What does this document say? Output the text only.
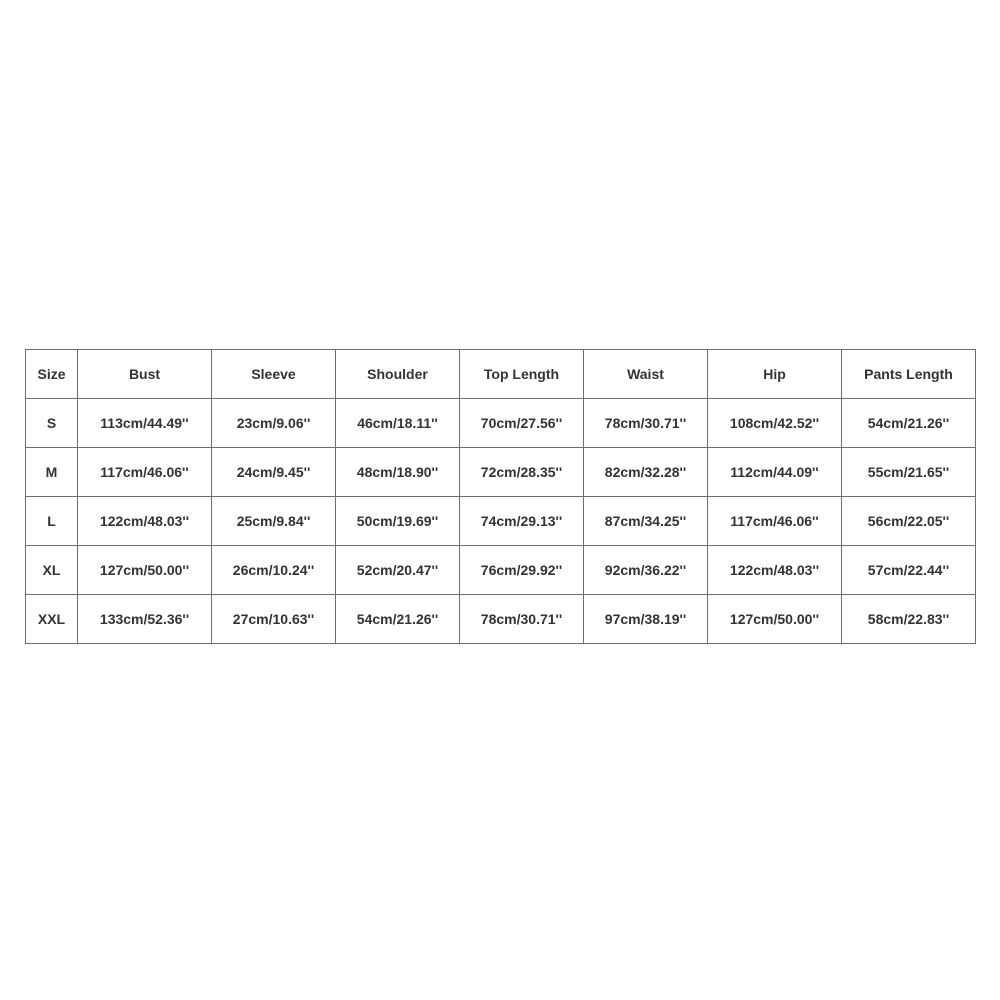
Size	Bust	Sleeve	Shoulder	Top Length	Waist	Hip	Pants Length
S	113cm/44.49''	23cm/9.06''	46cm/18.11''	70cm/27.56''	78cm/30.71''	108cm/42.52''	54cm/21.26''
M	117cm/46.06''	24cm/9.45''	48cm/18.90''	72cm/28.35''	82cm/32.28''	112cm/44.09''	55cm/21.65''
L	122cm/48.03''	25cm/9.84''	50cm/19.69''	74cm/29.13''	87cm/34.25''	117cm/46.06''	56cm/22.05''
XL	127cm/50.00''	26cm/10.24''	52cm/20.47''	76cm/29.92''	92cm/36.22''	122cm/48.03''	57cm/22.44''
XXL	133cm/52.36''	27cm/10.63''	54cm/21.26''	78cm/30.71''	97cm/38.19''	127cm/50.00''	58cm/22.83''
